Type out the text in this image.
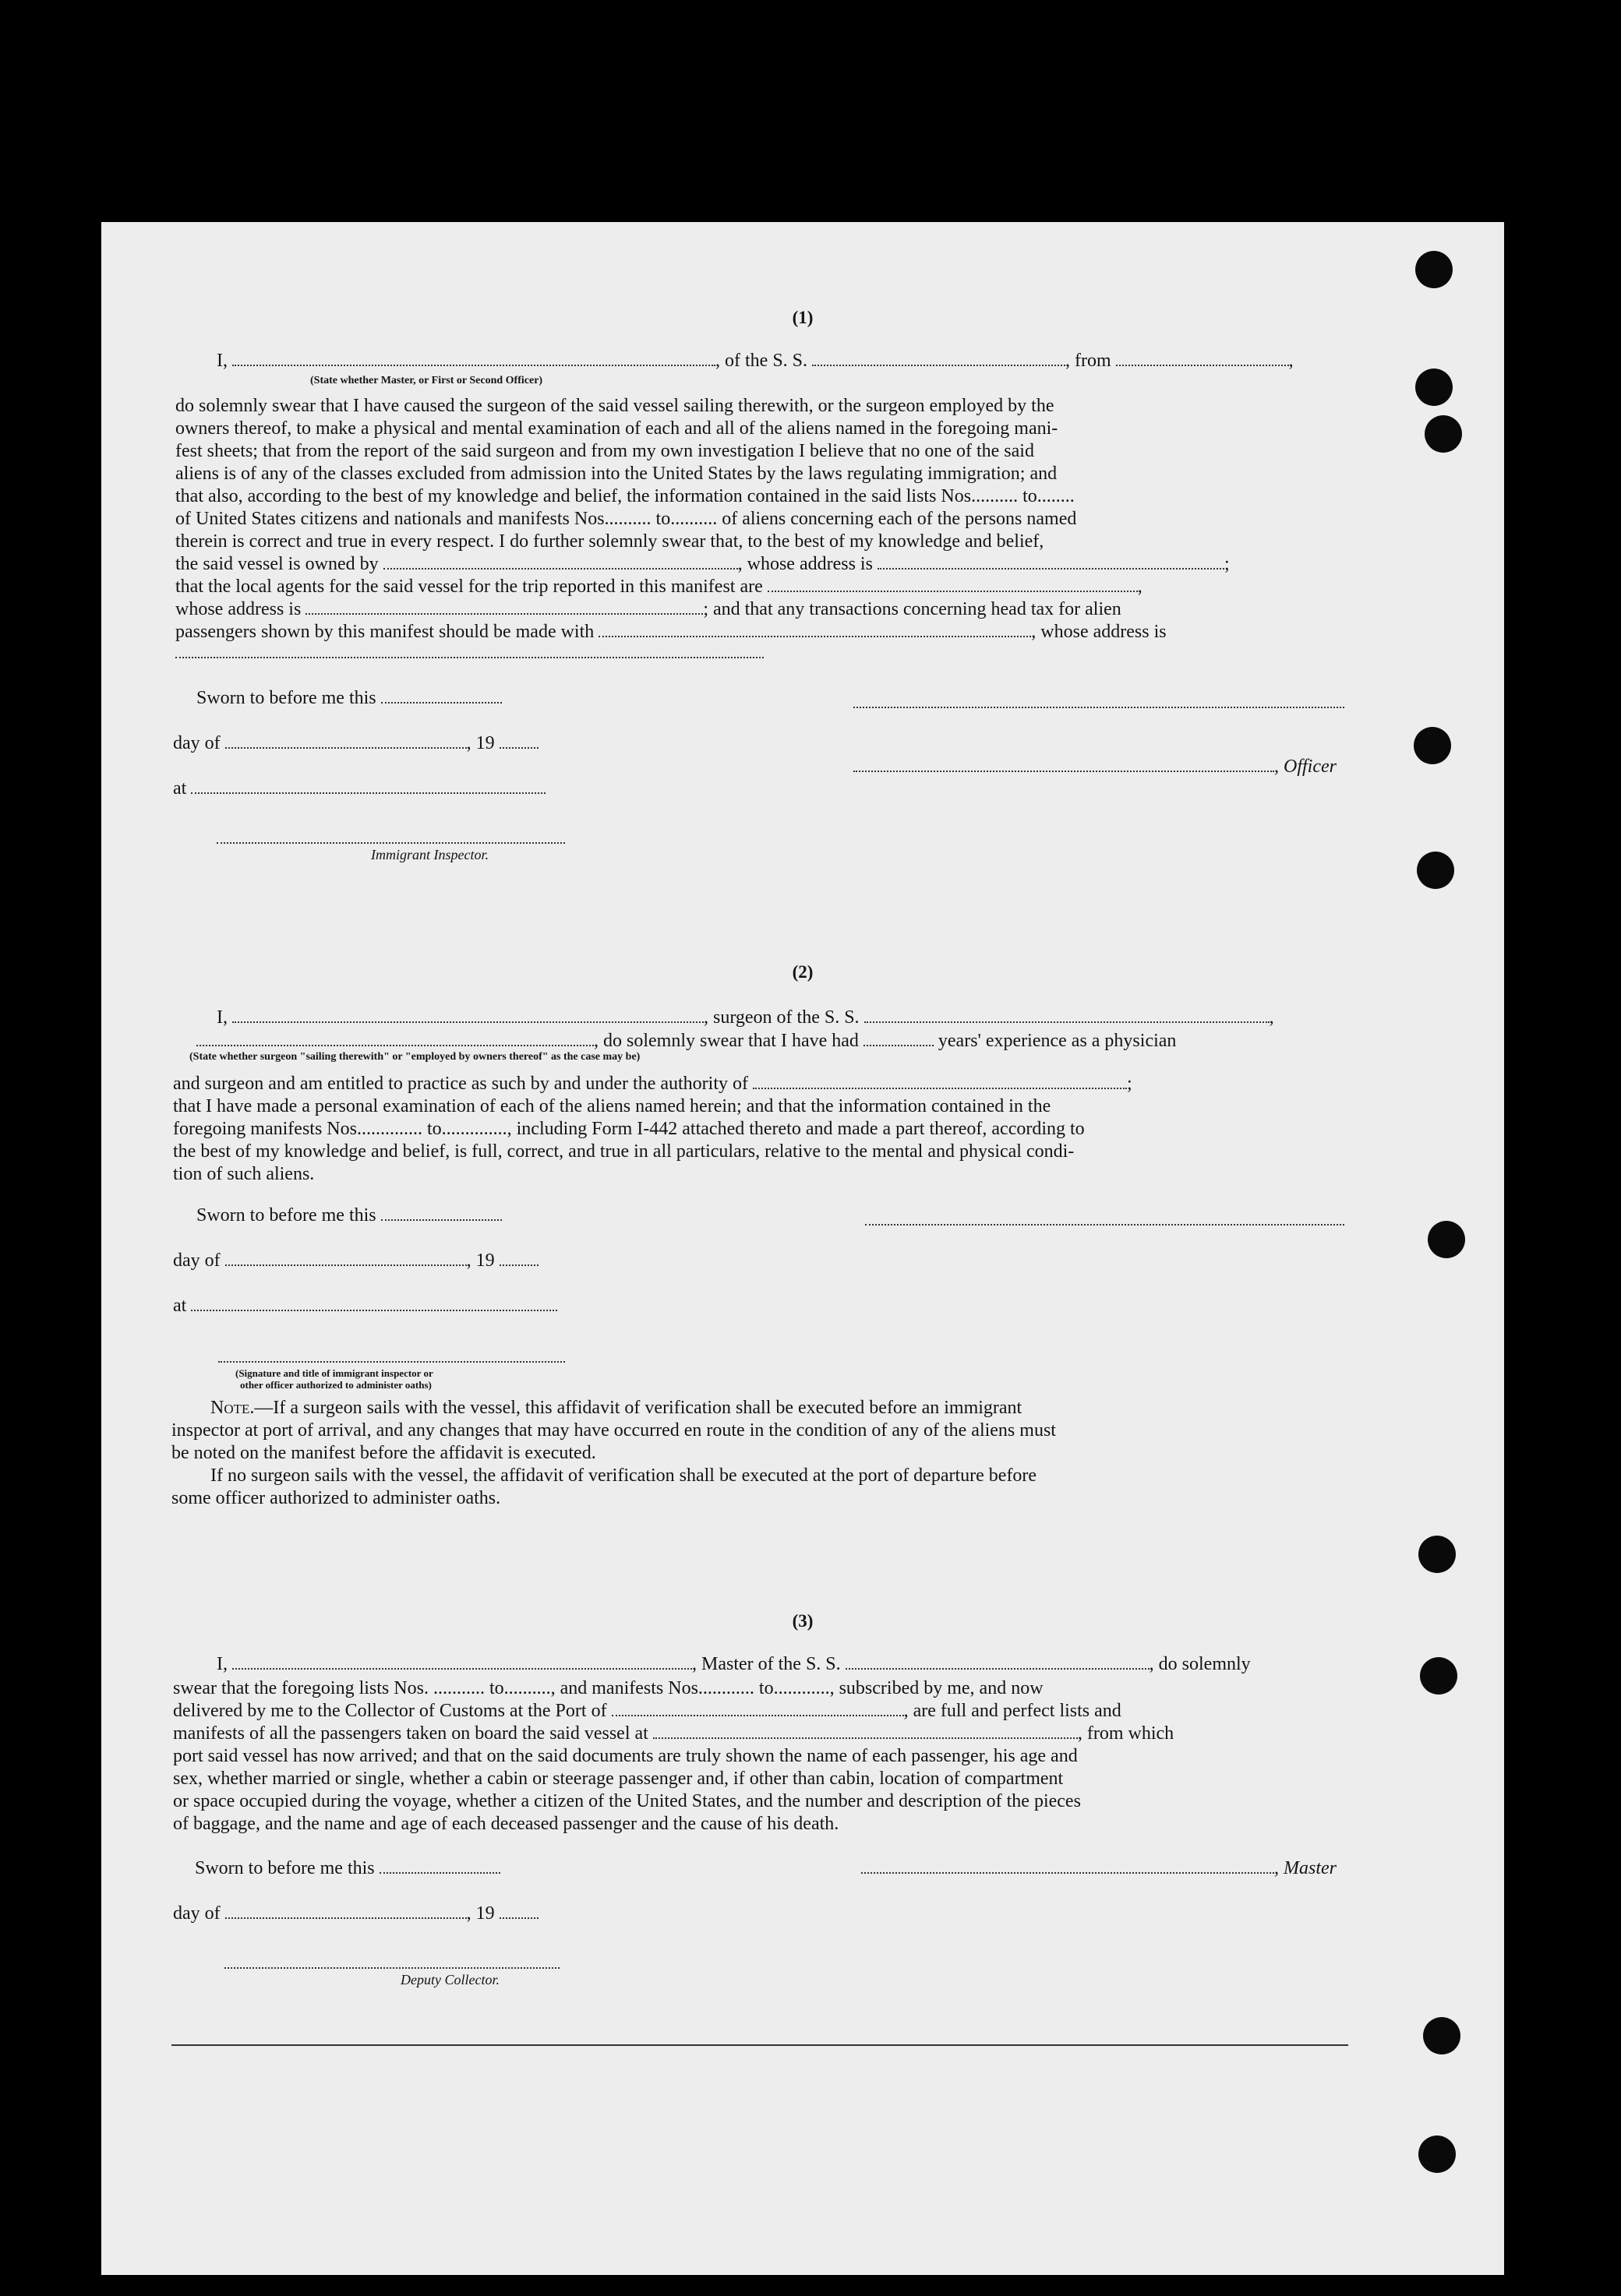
(1)
I,	, of the S. S.	, from	,
(State whether Master, or First or Second Officer)
do solemnly swear that I have caused the surgeon of the said vessel sailing therewith, or the surgeon employed by the
owners thereof, to make a physical and mental examination of each and all of the aliens named in the foregoing mani-
fest sheets; that from the report of the said surgeon and from my own investigation I believe that no one of the said
aliens is of any of the classes excluded from admission into the United States by the laws regulating immigration; and
that also, according to the best of my knowledge and belief, the information contained in the said lists Nos.......... to........
of United States citizens and nationals and manifests Nos.......... to.......... of aliens concerning each of the persons named
therein is correct and true in every respect. I do further solemnly swear that, to the best of my knowledge and belief,
the said vessel is owned by	, whose address is	;
that the local agents for the said vessel for the trip reported in this manifest are	,
whose address is	; and that any transactions concerning head tax for alien
passengers shown by this manifest should be made with	, whose address is
Sworn to before me this
day of	, 19
, Officer
at
Immigrant Inspector.
(2)
I,	, surgeon of the S. S.	,
, do solemnly swear that I have had	years' experience as a physician
(State whether surgeon "sailing therewith" or "employed by owners thereof" as the case may be)
and surgeon and am entitled to practice as such by and under the authority of	;
that I have made a personal examination of each of the aliens named herein; and that the information contained in the
foregoing manifests Nos.............. to.............., including Form I-442 attached thereto and made a part thereof, according to
the best of my knowledge and belief, is full, correct, and true in all particulars, relative to the mental and physical condi-
tion of such aliens.
Sworn to before me this
day of	, 19
at
(Signature and title of immigrant inspector or
other officer authorized to administer oaths)
Note.—If a surgeon sails with the vessel, this affidavit of verification shall be executed before an immigrant
inspector at port of arrival, and any changes that may have occurred en route in the condition of any of the aliens must
be noted on the manifest before the affidavit is executed.
If no surgeon sails with the vessel, the affidavit of verification shall be executed at the port of departure before
some officer authorized to administer oaths.
(3)
I,	, Master of the S. S.	, do solemnly
swear that the foregoing lists Nos. ........... to.........., and manifests Nos............ to............, subscribed by me, and now
delivered by me to the Collector of Customs at the Port of	, are full and perfect lists and
manifests of all the passengers taken on board the said vessel at	, from which
port said vessel has now arrived; and that on the said documents are truly shown the name of each passenger, his age and
sex, whether married or single, whether a cabin or steerage passenger and, if other than cabin, location of compartment
or space occupied during the voyage, whether a citizen of the United States, and the number and description of the pieces
of baggage, and the name and age of each deceased passenger and the cause of his death.
Sworn to before me this	, Master
day of	, 19
Deputy Collector.
